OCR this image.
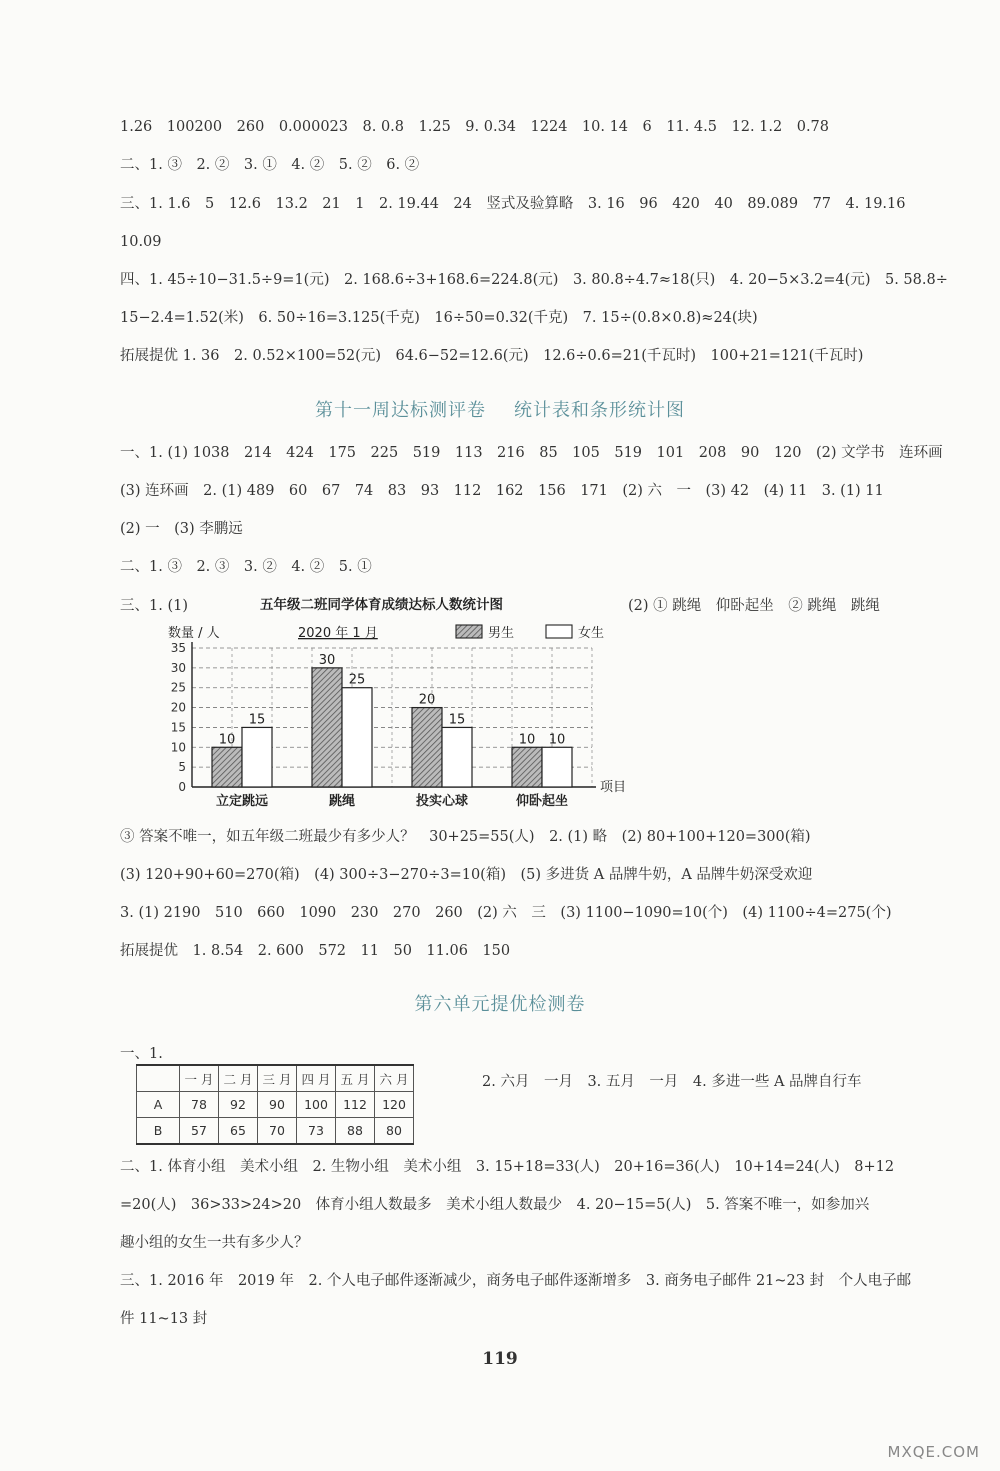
1.26　100200　260　0.000023　8. 0.8　1.25　9. 0.34　1224　10. 14　6　11. 4.5　12. 1.2　0.78
二、1. ③　2. ②　3. ①　4. ②　5. ②　6. ②
三、1. 1.6　5　12.6　13.2　21　1　2. 19.44　24　竖式及验算略　3. 16　96　420　40　89.089　77　4. 19.16
10.09
四、1. 45÷10−31.5÷9=1(元)　2. 168.6÷3+168.6=224.8(元)　3. 80.8÷4.7≈18(只)　4. 20−5×3.2=4(元)　5. 58.8÷
15−2.4=1.52(米)　6. 50÷16=3.125(千克)　16÷50=0.32(千克)　7. 15÷(0.8×0.8)≈24(块)
拓展提优 1. 36　2. 0.52×100=52(元)　64.6−52=12.6(元)　12.6÷0.6=21(千瓦时)　100+21=121(千瓦时)
第十一周达标测评卷 统计表和条形统计图
一、1. (1) 1038　214　424　175　225　519　113　216　85　105　519　101　208　90　120　(2) 文学书　连环画
(3) 连环画　2. (1) 489　60　67　74　83　93　112　162　156　171　(2) 六　一　(3) 42　(4) 11　3. (1) 11
(2) 一　(3) 李鹏远
二、1. ③　2. ③　3. ②　4. ②　5. ①
三、1. (1)	(2) ① 跳绳　仰卧起坐　② 跳绳　跳绳
五年级二班同学体育成绩达标人数统计图
0
5
10
15
20
25
30
35
10
15
立定跳远
30
25
跳绳
20
15
投实心球
10 10
仰卧起坐
数量 / 人
项目
2020 年 1 月	男生	女生
③ 答案不唯一，如五年级二班最少有多少人？　30+25=55(人)　2. (1) 略　(2) 80+100+120=300(箱)
(3) 120+90+60=270(箱)　(4) 300÷3−270÷3=10(箱)　(5) 多进货 A 品牌牛奶，A 品牌牛奶深受欢迎
3. (1) 2190　510　660　1090　230　270　260　(2) 六　三　(3) 1100−1090=10(个)　(4) 1100÷4=275(个)
拓展提优　1. 8.54　2. 600　572　11　50　11.06　150
第六单元提优检测卷
一、1.
	一 月	二 月	三 月	四 月	五 月	六 月
A	78	92	90	100	112	120
B	57	65	70	73	88	80
2. 六月　一月　3. 五月　一月　4. 多进一些 A 品牌自行车
二、1. 体育小组　美术小组　2. 生物小组　美术小组　3. 15+18=33(人)　20+16=36(人)　10+14=24(人)　8+12
=20(人)　36>33>24>20　体育小组人数最多　美术小组人数最少　4. 20−15=5(人)　5. 答案不唯一，如参加兴
趣小组的女生一共有多少人？
三、1. 2016 年　2019 年　2. 个人电子邮件逐渐减少，商务电子邮件逐渐增多　3. 商务电子邮件 21~23 封　个人电子邮
件 11~13 封
119
MXQE.COM
